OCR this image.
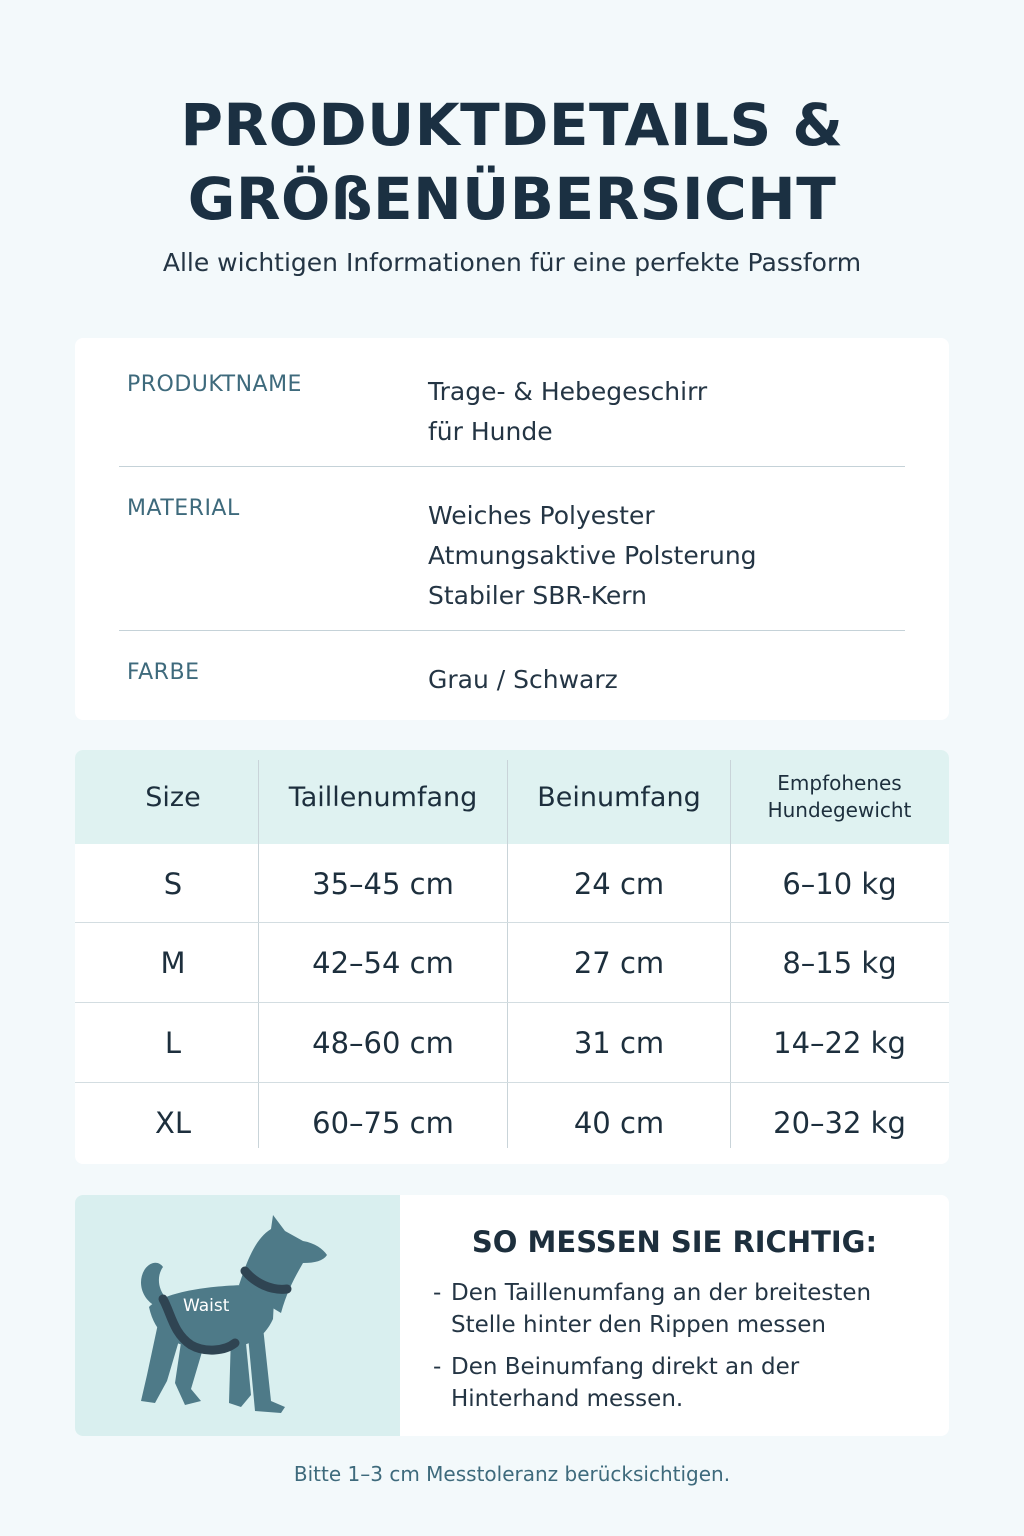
PRODUKTDETAILS &
GRÖßENÜBERSICHT

Alle wichtigen Informationen für eine perfekte Passform

PRODUKTNAME	Trage- & Hebegeschirr
für Hunde
MATERIAL	Weiches Polyester
Atmungsaktive Polsterung
Stabiler SBR-Kern
FARBE	Grau / Schwarz
Size	Taillenumfang	Beinumfang	Empfohenes Hundegewicht
S	35–45 cm	24 cm	6–10 kg
M	42–54 cm	27 cm	8–15 kg
L	48–60 cm	31 cm	14–22 kg
XL	60–75 cm	40 cm	20–32 kg
Waist
SO MESSEN SIE RICHTIG:
- Den Taillenumfang an der breitesten Stelle hinter den Rippen messen
- Den Beinumfang direkt an der Hinterhand messen.

Bitte 1–3 cm Messtoleranz berücksichtigen.
